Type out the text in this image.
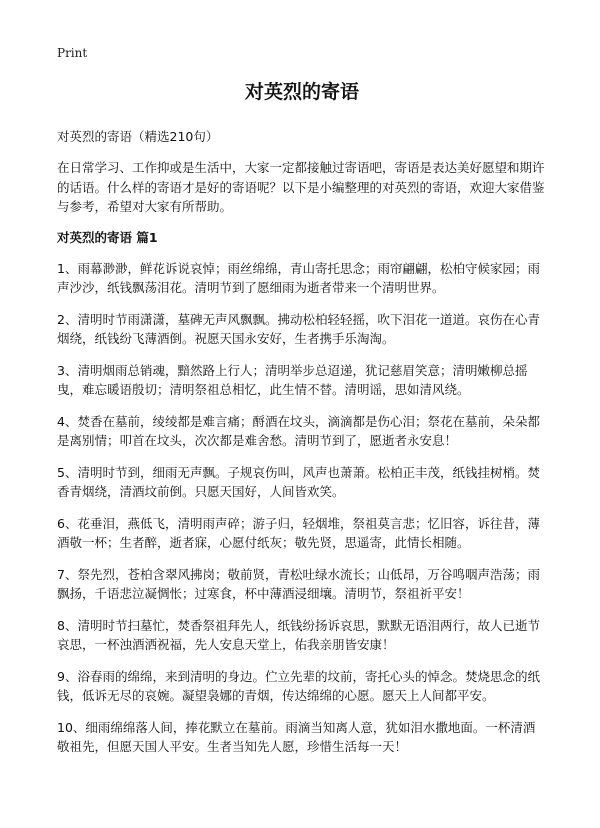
Print
对英烈的寄语
对英烈的寄语（精选210句）
在日常学习、工作抑或是生活中，大家一定都接触过寄语吧，寄语是表达美好愿望和期许的话语。什么样的寄语才是好的寄语呢？以下是小编整理的对英烈的寄语，欢迎大家借鉴与参考，希望对大家有所帮助。
对英烈的寄语 篇1
1、雨幕渺渺，鲜花诉说哀悼；雨丝绵绵，青山寄托思念；雨帘翩翩，松柏守候家园；雨声沙沙，纸钱飘荡泪花。清明节到了愿细雨为逝者带来一个清明世界。
2、清明时节雨潇潇，墓碑无声风飘飘。拂动松柏轻轻摇，吹下泪花一道道。哀伤在心青烟绕，纸钱纷飞薄酒倒。祝愿天国永安好，生者携手乐淘淘。
3、清明烟雨总销魂，黯然路上行人；清明举步总迢递，犹记慈眉笑意；清明嫩柳总摇曳，难忘暖语殷切；清明祭祖总相忆，此生情不替。清明谣，思如清风绕。
4、焚香在墓前，绫绫都是难言痛；酹酒在坟头，滴滴都是伤心泪；祭花在墓前，朵朵都是离别情；叩首在坟头，次次都是难舍愁。清明节到了，愿逝者永安息！
5、清明时节到，细雨无声飘。子规哀伤叫，风声也萧萧。松柏正丰茂，纸钱挂树梢。焚香青烟绕，清酒坟前倒。只愿天国好，人间皆欢笑。
6、花垂泪，燕低飞，清明雨声碎；游子归，轻烟堆，祭祖莫言悲；忆旧容，诉往昔，薄酒敬一杯；生者醉，逝者寐，心愿付纸灰；敬先贤，思遥寄，此情长相随。
7、祭先烈，苍柏含翠风拂岗；敬前贤，青松吐绿水流长；山低昂，万谷鸣咽声浩荡；雨飘扬，千语悲泣凝惆怅；过寒食，杯中薄酒浸细壤。清明节，祭祖祈平安！
8、清明时节扫墓忙，焚香祭祖拜先人，纸钱纷扬诉哀思，默默无语泪两行，故人已逝节哀思，一杯浊酒洒祝福，先人安息天堂上，佑我亲朋皆安康！
9、浴春雨的绵绵，来到清明的身边。伫立先辈的坟前，寄托心头的悼念。焚烧思念的纸钱，低诉无尽的哀婉。凝望袅娜的青烟，传达绵绵的心愿。愿天上人间都平安。
10、细雨绵绵落人间，捧花默立在墓前。雨滴当知离人意，犹如泪水撒地面。一杯清酒敬祖先，但愿天国人平安。生者当知先人愿，珍惜生活每一天！
